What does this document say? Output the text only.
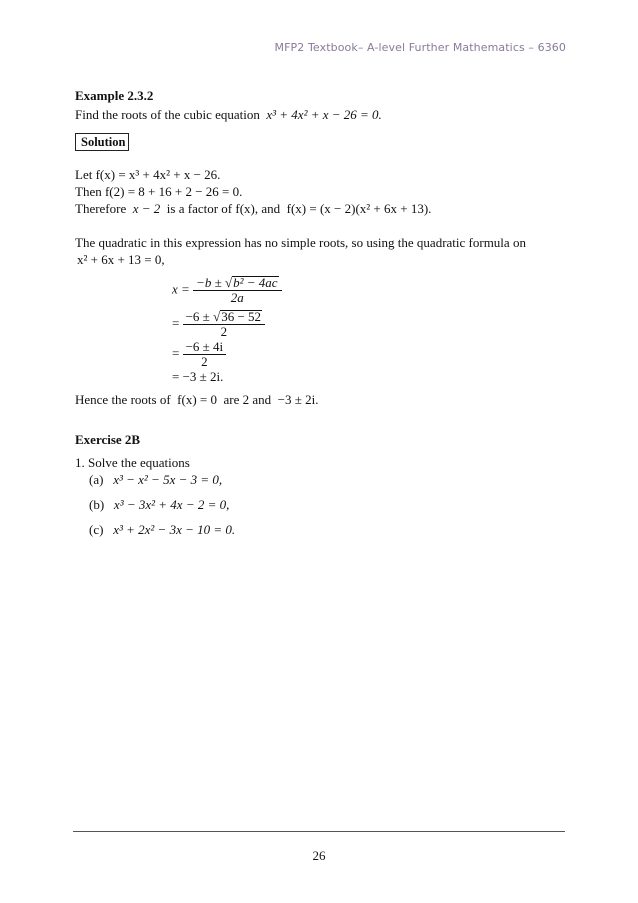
MFP2 Textbook– A-level Further Mathematics – 6360
Example 2.3.2
Find the roots of the cubic equation x³ + 4x² + x − 26 = 0.
Solution
Let f(x) = x³ + 4x² + x − 26.
Then f(2) = 8 + 16 + 2 − 26 = 0.
Therefore x − 2 is a factor of f(x), and f(x) = (x − 2)(x² + 6x + 13).
The quadratic in this expression has no simple roots, so using the quadratic formula on
x² + 6x + 13 = 0,
$x = \frac{\text{−b ± √b² − 4ac}}{2a}$
= $\frac{-6 \pm √36 - 52}{2}$
= $\frac{-6 \pm 4i}{2}$
= −3 ± 2i.
Hence the roots of f(x) = 0 are 2 and −3 ± 2i.
Exercise 2B
1. Solve the equations
(a) x³ − x² − 5x − 3 = 0,
(b) x³ − 3x² + 4x − 2 = 0,
(c) x³ + 2x² − 3x − 10 = 0.
26
